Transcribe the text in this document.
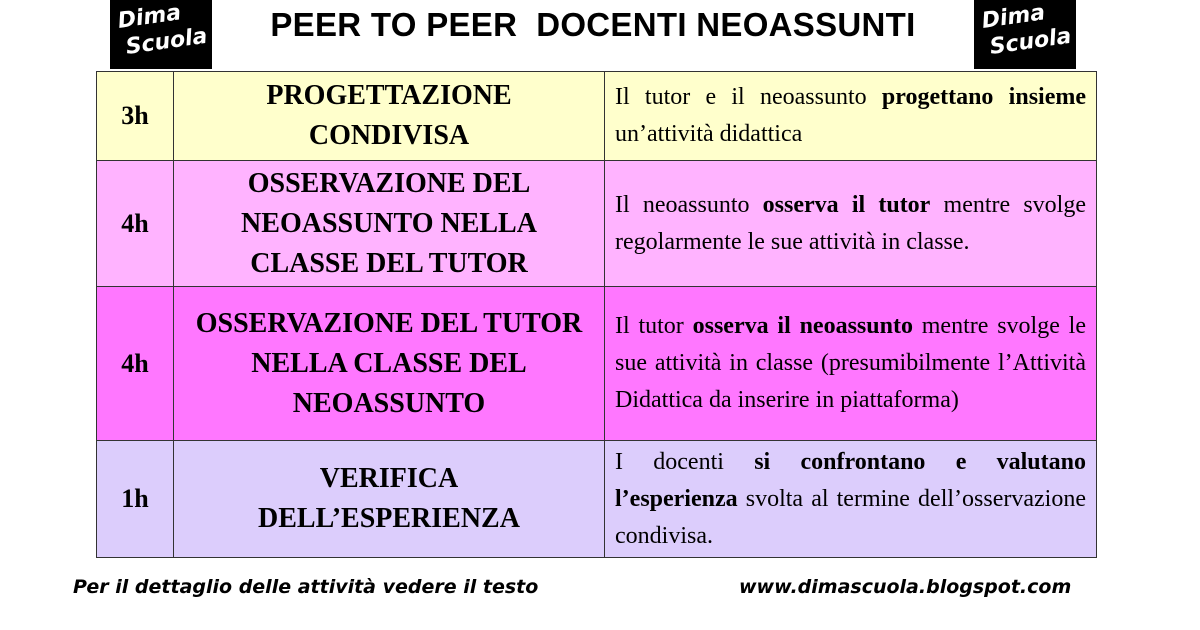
Dima
Scuola	PEER TO PEER  DOCENTI NEOASSUNTI	Dima
Scuola
3h	PROGETTAZIONE CONDIVISA	Il tutor e il neoassunto progettano insieme un’attività didattica
4h	OSSERVAZIONE DEL NEOASSUNTO NELLA CLASSE DEL TUTOR	Il neoassunto osserva il tutor mentre svolge regolarmente le sue attività in classe.
4h	OSSERVAZIONE DEL TUTOR NELLA CLASSE DEL NEOASSUNTO	Il tutor osserva il neoassunto mentre svolge le sue attività in classe (presumibilmente l’Attività Didattica da inserire in piattaforma)
1h	VERIFICA DELL’ESPERIENZA	I docenti si confrontano e valutano l’esperienza svolta al termine dell’osservazione condivisa.
Per il dettaglio delle attività vedere il testo	www.dimascuola.blogspot.com
